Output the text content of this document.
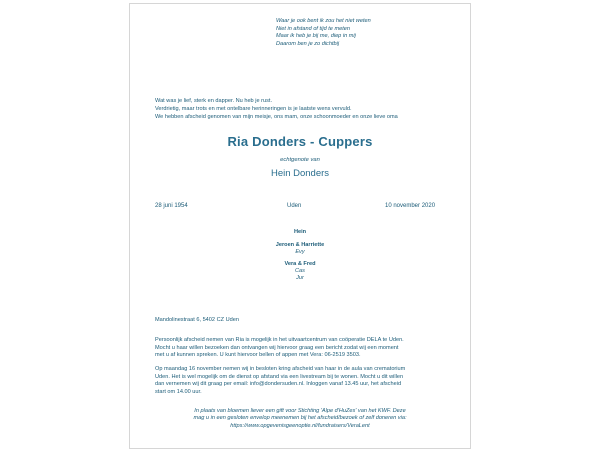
Waar je ook bent ik zou het niet weten
Niet in afstand of tijd te meten
Maar ik heb je bij me, diep in mij
Daarom ben je zo dichtbij
Wat was je lief, sterk en dapper. Nu heb je rust.
Verdrietig, maar trots en met ontelbare herinneringen is je laatste wens vervuld.
We hebben afscheid genomen van mijn meisje, ons mam, onze schoonmoeder en onze lieve oma
Ria Donders - Cuppers
echtgenote van
Hein Donders
28 juni 1954	Uden	10 november 2020
Hein
Jeroen & Harriette
Evy
Vera & Fred
Cas
Jur
Mandolinestraat 6, 5402 CZ Uden
Persoonlijk afscheid nemen van Ria is mogelijk in het uitvaartcentrum van coöperatie DELA te Uden.
Mocht u haar willen bezoeken dan ontvangen wij hiervoor graag een bericht zodat wij een moment
met u af kunnen spreken. U kunt hiervoor bellen of appen met Vera: 06-2519 3503.
Op maandag 16 november nemen wij in besloten kring afscheid van haar in de aula van crematorium
Uden. Het is wel mogelijk om de dienst op afstand via een livestream bij te wonen. Mocht u dit willen
dan vernemen wij dit graag per email: info@dondersuden.nl. Inloggen vanaf 13.45 uur, het afscheid
start om 14.00 uur.
In plaats van bloemen liever een gift voor Stichting 'Alpe d'HuZes' van het KWF. Deze
mag u in een gesloten envelop meenemen bij het afscheid/bezoek of zelf doneren via:
https://www.opgevenisgeenoptie.nl/fundraisers/VeraLent
